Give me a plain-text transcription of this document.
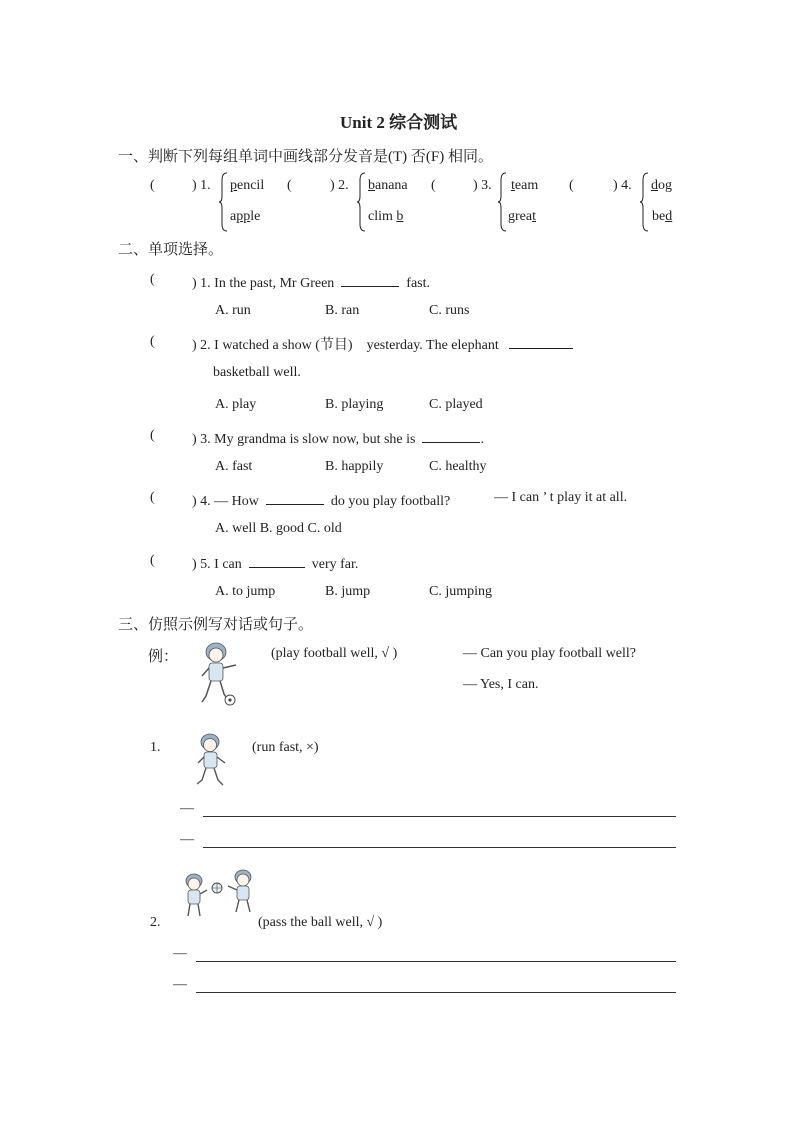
Unit 2 综合测试
一、判断下列每组单词中画线部分发音是(T) 否(F) 相同。
(	) 1. pencil
apple
(	) 2. banana
clim b
(	) 3. team
great
(	) 4. dog
bed
二、单项选择。
(	) 1. In the past, Mr Green	fast.
A. run	B. ran	C. runs
(	) 2. I watched a show (节目) yesterday. The elephant
basketball well.
A. play	B. playing	C. played
(	) 3. My grandma is slow now, but she is	.
A. fast	B. happily	C. healthy
(	) 4. — How	do you play football?	— I can ’ t play it at all.
A. well B. good C. old
(	) 5. I can	very far.
A. to jump	B. jump	C. jumping
三、仿照示例写对话或句子。
例：	(play football well, √ )	— Can you play football well?
— Yes, I can.
1.	(run fast, ×)
—
—
2.	(pass the ball well, √ )
—
—
